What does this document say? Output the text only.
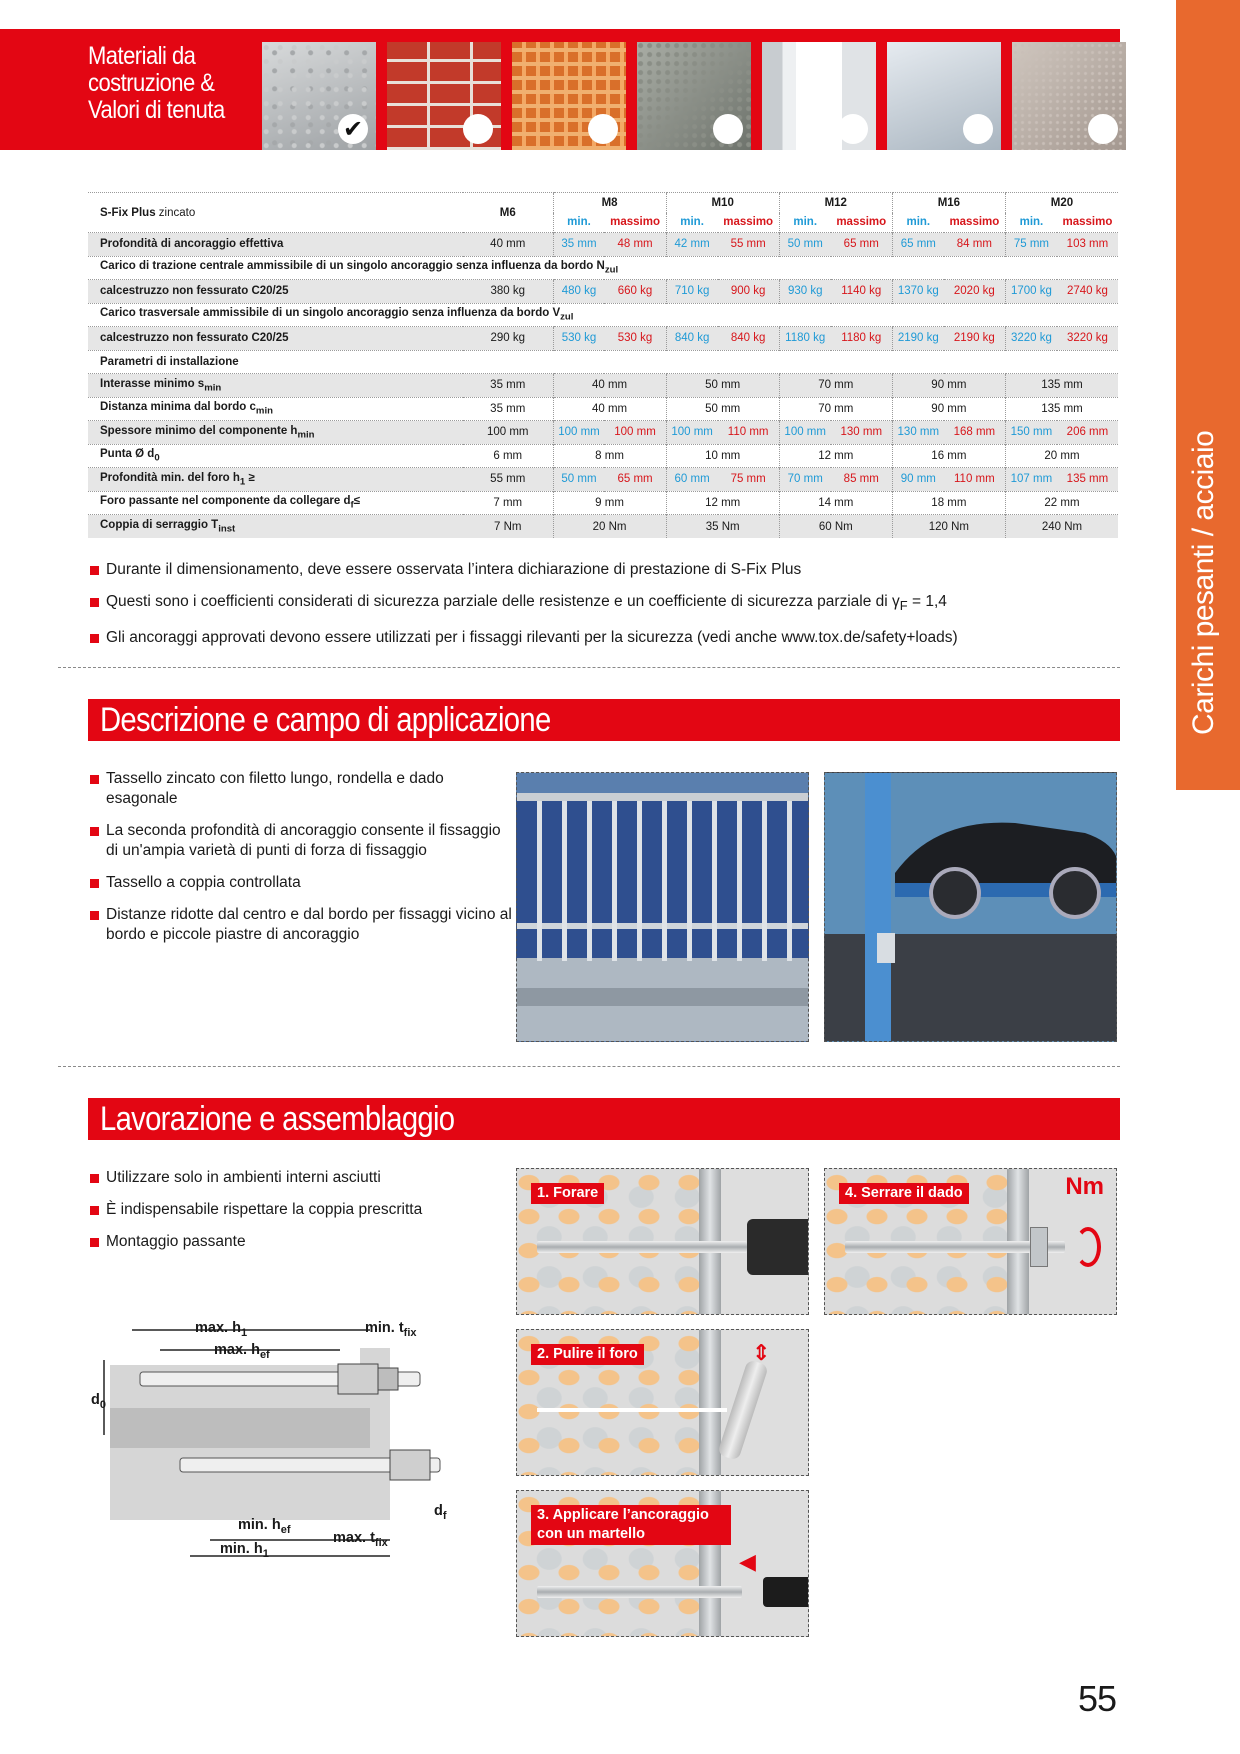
Materiali da
costruzione &
Valori di tenuta
✔
Carichi pesanti / acciaio
S-Fix Plus zincato	M6	M8		M10		M12		M16		M20	
		min.	massimo	min.	massimo	min.	massimo	min.	massimo	min.	massimo
Profondità di ancoraggio effettiva	40 mm	35 mm	48 mm	42 mm	55 mm	50 mm	65 mm	65 mm	84 mm	75 mm	103 mm
Carico di trazione centrale ammissibile di un singolo ancoraggio senza influenza da bordo $N_{zul}$
calcestruzzo non fessurato C20/25	380 kg	480 kg	660 kg	710 kg	900 kg	930 kg	1140 kg	1370 kg	2020 kg	1700 kg	2740 kg
Carico trasversale ammissibile di un singolo ancoraggio senza influenza da bordo $V_{zul}$
calcestruzzo non fessurato C20/25	290 kg	530 kg	530 kg	840 kg	840 kg	1180 kg	1180 kg	2190 kg	2190 kg	3220 kg	3220 kg
Parametri di installazione											
Interasse minimo $s_{min}$	35 mm	40 mm		50 mm		70 mm		90 mm		135 mm	
Distanza minima dal bordo $c_{min}$	35 mm	40 mm		50 mm		70 mm		90 mm		135 mm	
Spessore minimo del componente $h_{min}$	100 mm	100 mm	100 mm	100 mm	110 mm	100 mm	130 mm	130 mm	168 mm	150 mm	206 mm
Punta Ø $d_0$	6 mm	8 mm		10 mm		12 mm		16 mm		20 mm	
Profondità min. del foro $h_1$ ≥	55 mm	50 mm	65 mm	60 mm	75 mm	70 mm	85 mm	90 mm	110 mm	107 mm	135 mm
Foro passante nel componente da collegare $d_f\le$	7 mm	9 mm		12 mm		14 mm		18 mm		22 mm	
Coppia di serraggio $T_{inst}$	7 Nm	20 Nm		35 Nm		60 Nm		120 Nm		240 Nm	
Durante il dimensionamento, deve essere osservata l’intera dichiarazione di prestazione di S-Fix Plus
Questi sono i coefficienti considerati di sicurezza parziale delle resistenze e un coefficiente di sicurezza parziale di $\gamma_F = 1,4$
Gli ancoraggi approvati devono essere utilizzati per i fissaggi rilevanti per la sicurezza (vedi anche www.tox.de/safety+loads)
Descrizione e campo di applicazione
Tassello zincato con filetto lungo, rondella e dado esagonale
La seconda profondità di ancoraggio consente il fissaggio di un'ampia varietà di punti di forza di fissaggio
Tassello a coppia controllata
Distanze ridotte dal centro e dal bordo per fissaggi vicino al bordo e piccole piastre di ancoraggio
Lavorazione e assemblaggio
Utilizzare solo in ambienti interni asciutti
È indispensabile rispettare la coppia prescritta
Montaggio passante
1. Forare	Nm
4. Serrare il dado
⇕
2. Pulire il foro
◀
3. Applicare l’ancoraggio con un martello
max. $h_1$
max. $h_{ef}$
min. $t_{fix}$
$d_0$
$d_f$
min. $h_{ef}$
max. $t_{fix}$
min. $h_1$
55
